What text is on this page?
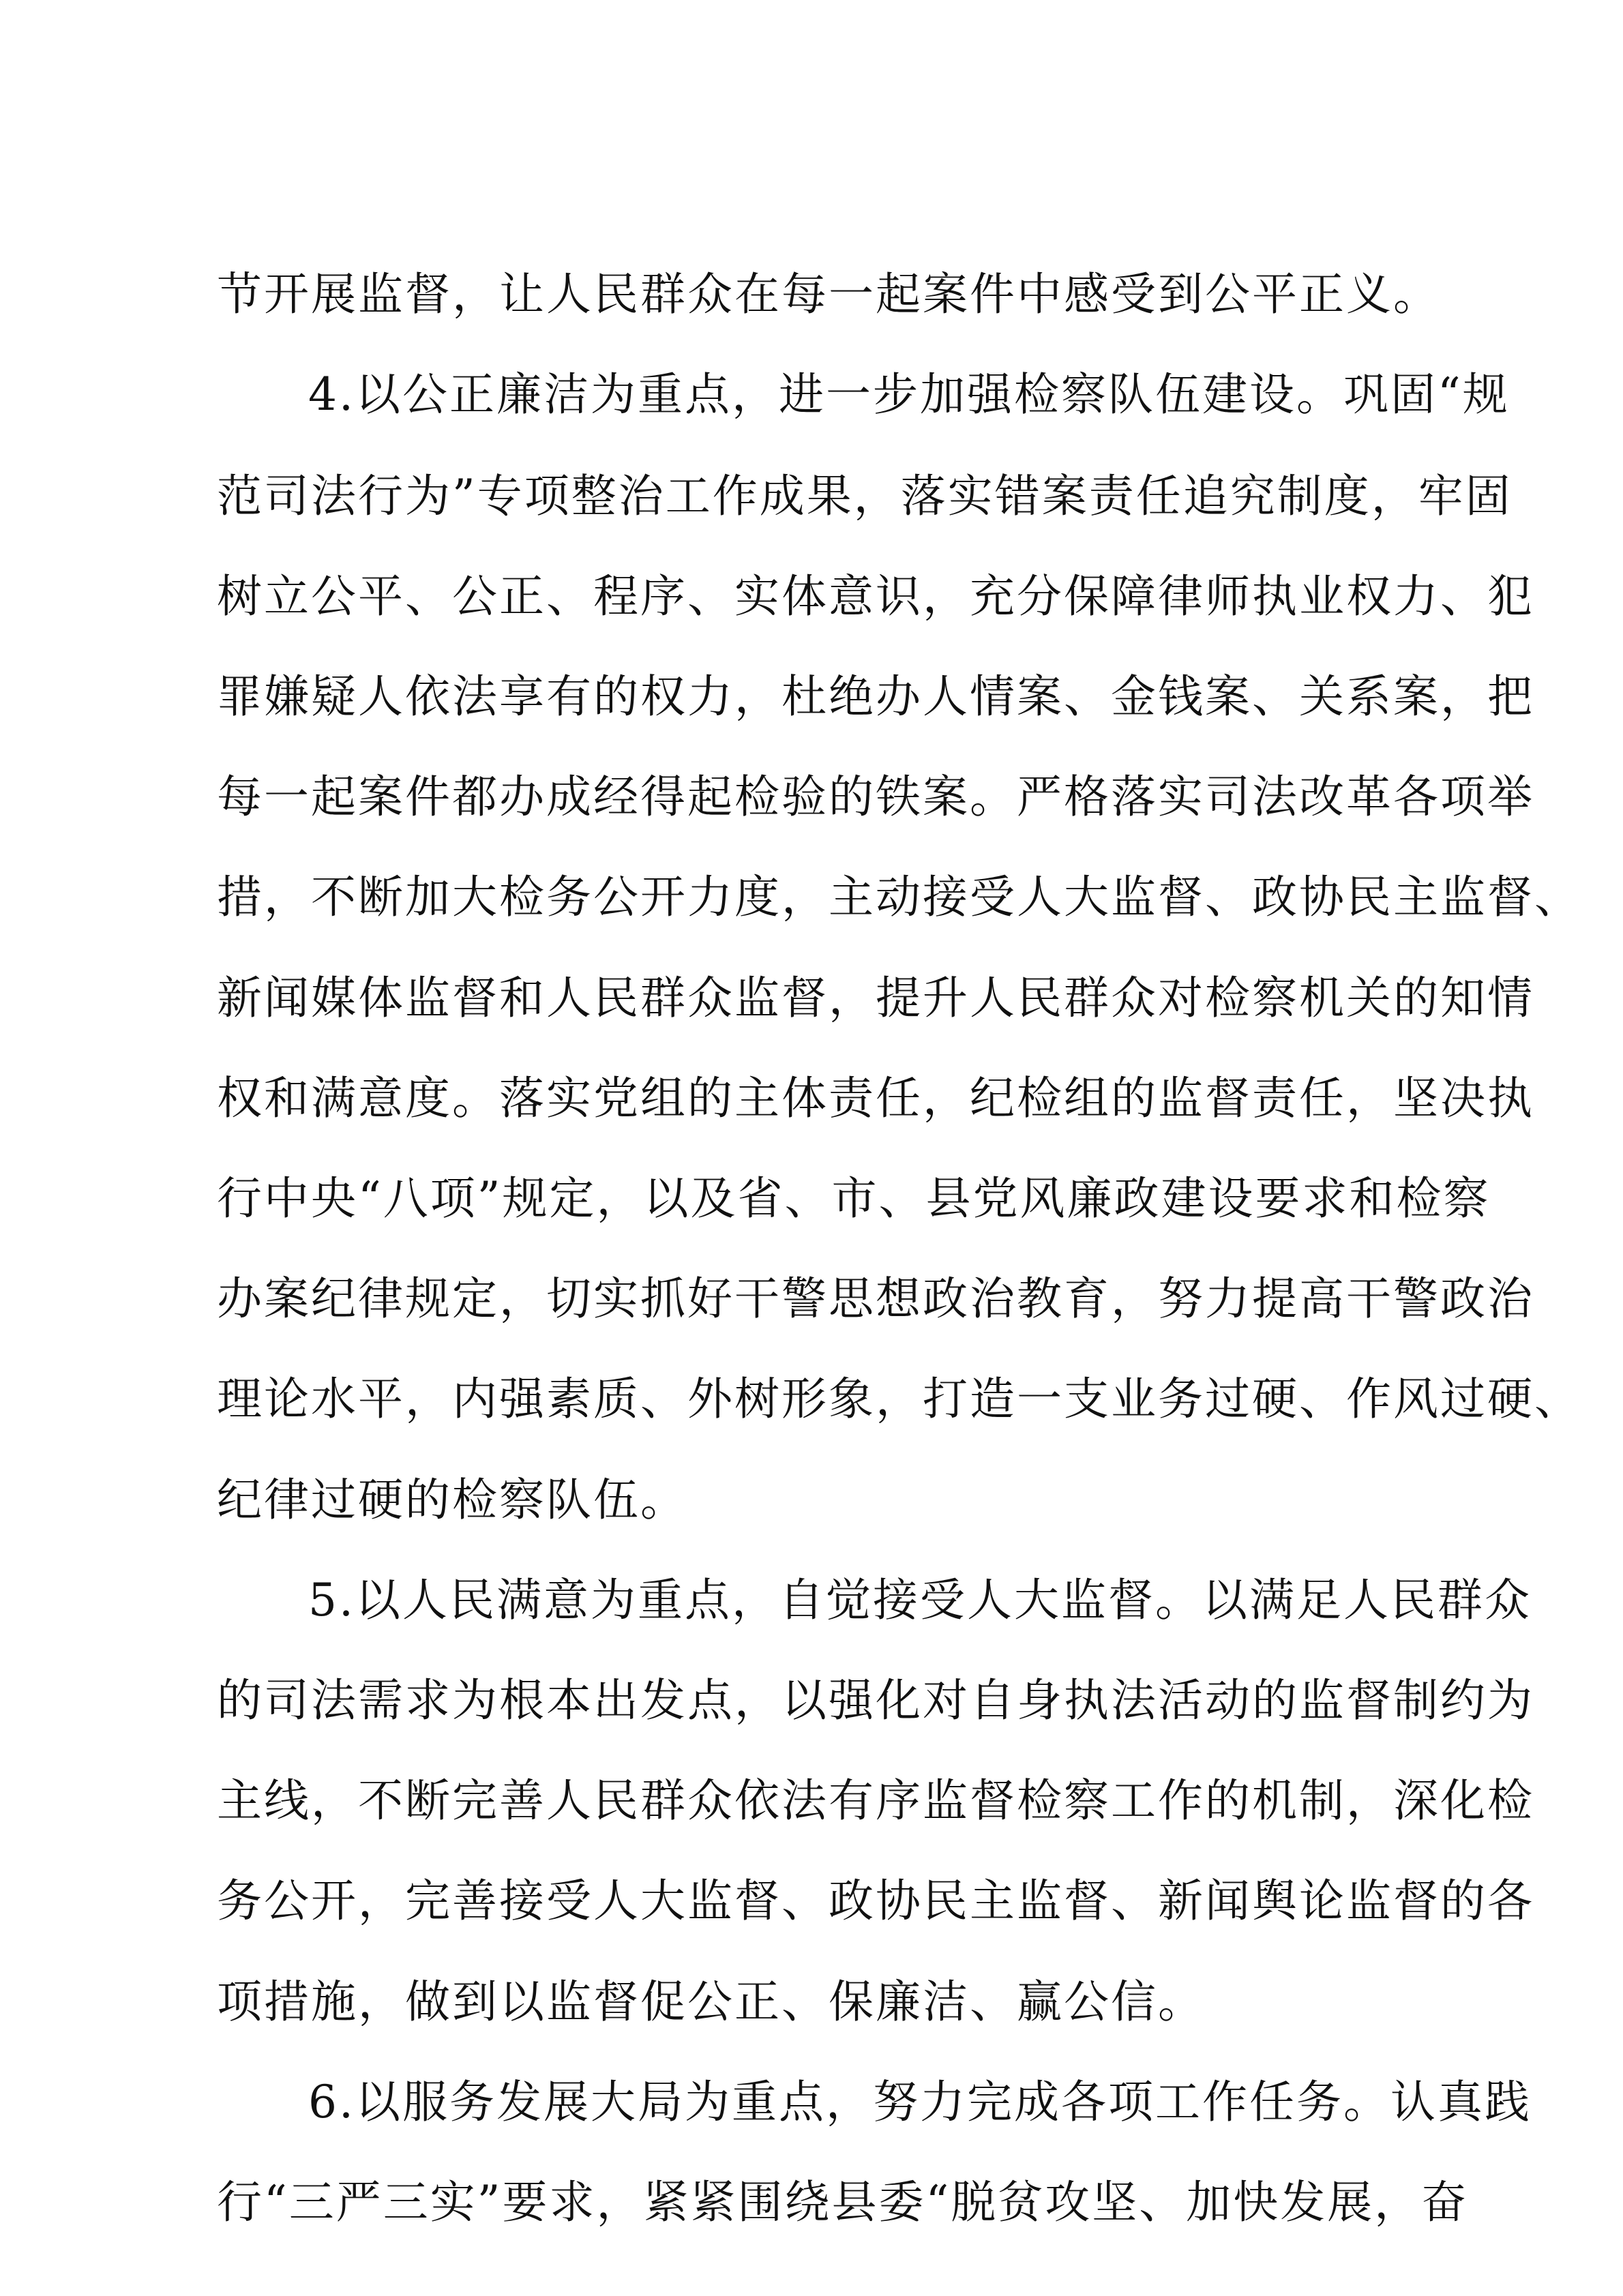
节开展监督，让人民群众在每一起案件中感受到公平正义。
4.以公正廉洁为重点，进一步加强检察队伍建设。巩固“规
范司法行为”专项整治工作成果，落实错案责任追究制度，牢固
树立公平、公正、程序、实体意识，充分保障律师执业权力、犯
罪嫌疑人依法享有的权力，杜绝办人情案、金钱案、关系案，把
每一起案件都办成经得起检验的铁案。严格落实司法改革各项举
措，不断加大检务公开力度，主动接受人大监督、政协民主监督、
新闻媒体监督和人民群众监督，提升人民群众对检察机关的知情
权和满意度。落实党组的主体责任，纪检组的监督责任，坚决执
行中央“八项”规定，以及省、市、县党风廉政建设要求和检察
办案纪律规定，切实抓好干警思想政治教育，努力提高干警政治
理论水平，内强素质、外树形象，打造一支业务过硬、作风过硬、
纪律过硬的检察队伍。
5.以人民满意为重点，自觉接受人大监督。以满足人民群众
的司法需求为根本出发点，以强化对自身执法活动的监督制约为
主线，不断完善人民群众依法有序监督检察工作的机制，深化检
务公开，完善接受人大监督、政协民主监督、新闻舆论监督的各
项措施，做到以监督促公正、保廉洁、赢公信。
6.以服务发展大局为重点，努力完成各项工作任务。认真践
行“三严三实”要求，紧紧围绕县委“脱贫攻坚、加快发展，奋
